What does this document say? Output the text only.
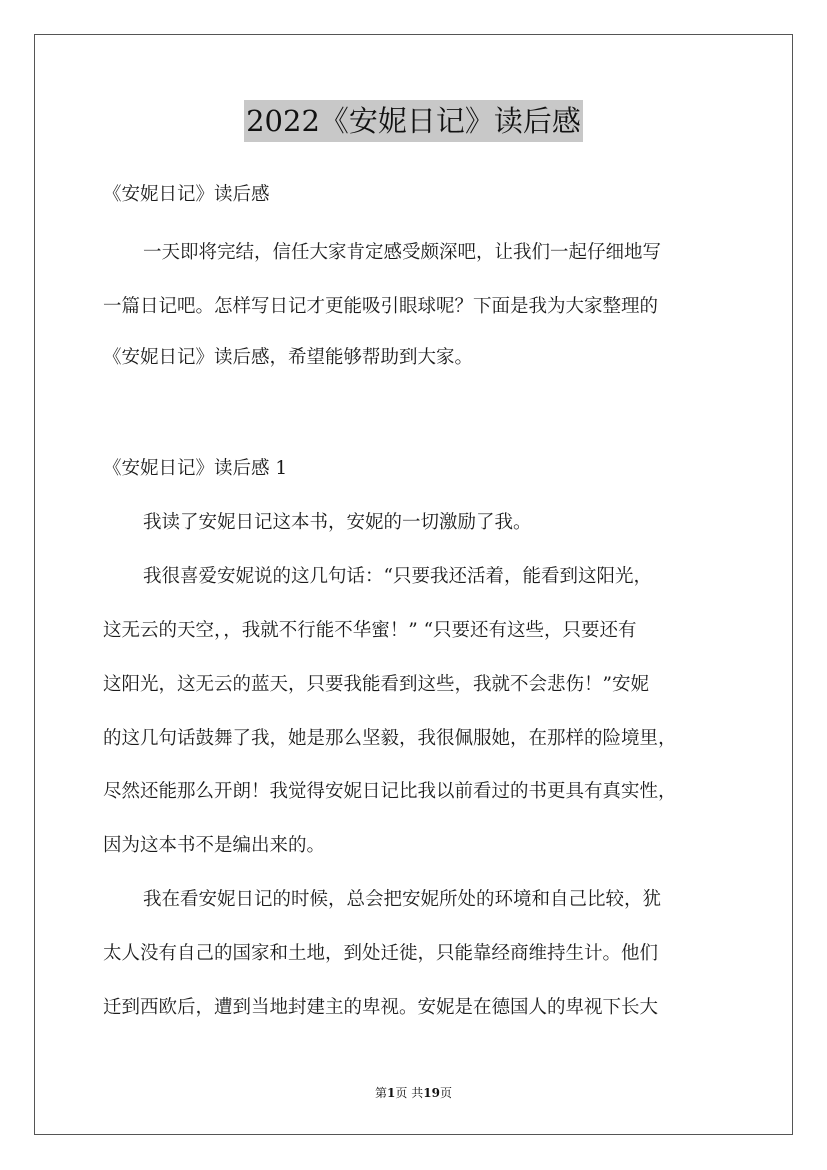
2022《安妮日记》读后感
《安妮日记》读后感
一天即将完结，信任大家肯定感受颇深吧，让我们一起仔细地写
一篇日记吧。怎样写日记才更能吸引眼球呢？下面是我为大家整理的
《安妮日记》读后感，希望能够帮助到大家。
《安妮日记》读后感 1
我读了安妮日记这本书，安妮的一切激励了我。
我很喜爱安妮说的这几句话：“只要我还活着，能看到这阳光，
这无云的天空，，我就不行能不华蜜！” “只要还有这些，只要还有
这阳光，这无云的蓝天，只要我能看到这些，我就不会悲伤！”安妮
的这几句话鼓舞了我，她是那么坚毅，我很佩服她，在那样的险境里，
尽然还能那么开朗！我觉得安妮日记比我以前看过的书更具有真实性，
因为这本书不是编出来的。
我在看安妮日记的时候，总会把安妮所处的环境和自己比较，犹
太人没有自己的国家和土地，到处迁徙，只能靠经商维持生计。他们
迁到西欧后，遭到当地封建主的卑视。安妮是在德国人的卑视下长大
第1页 共19页
